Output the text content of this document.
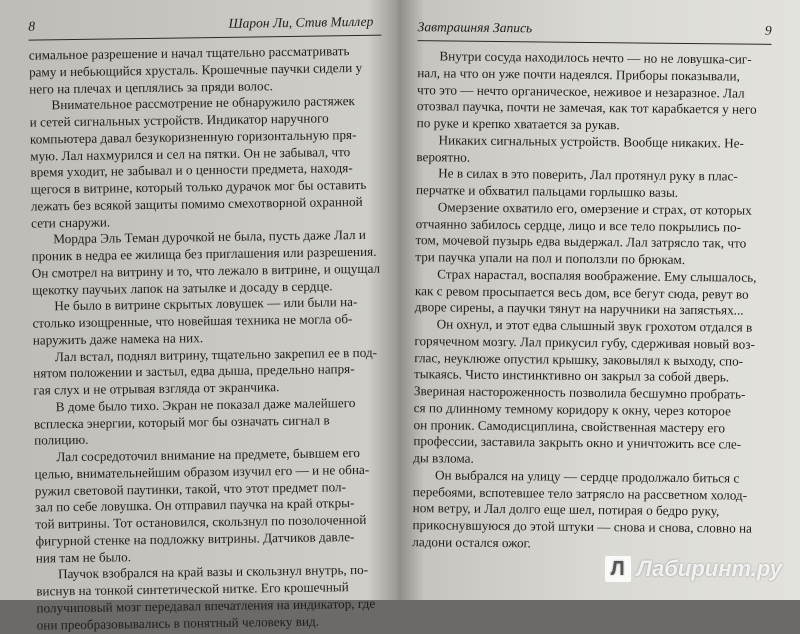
8	Шарон Ли, Стив Миллер
симальное разрешение и начал тщательно рассматривать
раму и небьющийся хрусталь. Крошечные паучки сидели у
него на плечах и цеплялись за пряди волос.
Внимательное рассмотрение не обнаружило растяжек
и сетей сигнальных устройств. Индикатор наручного
компьютера давал безукоризненную горизонтальную пря-
мую. Лал нахмурился и сел на пятки. Он не забывал, что
время уходит, не забывал и о ценности предмета, находя-
щегося в витрине, который только дурачок мог бы оставить
лежать без всякой защиты помимо смехотворной охранной
сети снаружи.
Мордра Эль Теман дурочкой не была, пусть даже Лал и
проник в недра ее жилища без приглашения или разрешения.
Он смотрел на витрину и то, что лежало в витрине, и ощущал
щекотку паучьих лапок на затылке и досаду в сердце.
Не было в витрине скрытых ловушек — или были на-
столько изощренные, что новейшая техника не могла об-
наружить даже намека на них.
Лал встал, поднял витрину, тщательно закрепил ее в под-
нятом положении и застыл, едва дыша, предельно напря-
гая слух и не отрывая взгляда от экранчика.
В доме было тихо. Экран не показал даже малейшего
всплеска энергии, который мог бы означать сигнал в
полицию.
Лал сосредоточил внимание на предмете, бывшем его
целью, внимательнейшим образом изучил его — и не обна-
ружил световой паутинки, такой, что этот предмет пол-
зал по себе ловушка. Он отправил паучка на край откры-
той витрины. Тот остановился, скользнул по позолоченной
фигурной стенке на подложку витрины. Датчиков давле-
ния там не было.
Паучок взобрался на край вазы и скользнул внутрь, по-
виснув на тонкой синтетической нитке. Его крошечный
получиповый мозг передавал впечатления на индикатор, где
они преобразовывались в понятный человеку вид.
Завтрашняя Запись	9
Внутри сосуда находилось нечто — но не ловушка-сиг-
нал, на что он уже почти надеялся. Приборы показывали,
что это — нечто органическое, неживое и незаразное. Лал
отозвал паучка, почти не замечая, как тот карабкается у него
по руке и крепко хватается за рукав.
Никаких сигнальных устройств. Вообще никаких. Не-
вероятно.
Не в силах в это поверить, Лал протянул руку в плас-
перчатке и обхватил пальцами горлышко вазы.
Омерзение охватило его, омерзение и страх, от которых
отчаянно забилось сердце, лицо и все тело покрылись по-
том, мочевой пузырь едва выдержал. Лал затрясло так, что
три паучка упали на пол и поползли по брюкам.
Страх нарастал, воспаляя воображение. Ему слышалось,
как с ревом просыпается весь дом, все бегут сюда, ревут во
дворе сирены, а паучки тянут на наручники на запястьях...
Он охнул, и этот едва слышный звук грохотом отдался в
горячечном мозгу. Лал прикусил губу, сдерживая новый воз-
глас, неуклюже опустил крышку, заковылял к выходу, спо-
тыкаясь. Чисто инстинктивно он закрыл за собой дверь.
Звериная настороженность позволила бесшумно пробрать-
ся по длинному темному коридору к окну, через которое
он проник. Самодисциплина, свойственная мастеру его
профессии, заставила закрыть окно и уничтожить все сле-
ды взлома.
Он выбрался на улицу — сердце продолжало биться с
перебоями, вспотевшее тело затрясло на рассветном холод-
ном ветру, и Лал долго еще шел, потирая о бедро руку,
прикоснувшуюся до этой штуки — снова и снова, словно на
ладони остался ожог.
Л Лабиринт.ру
